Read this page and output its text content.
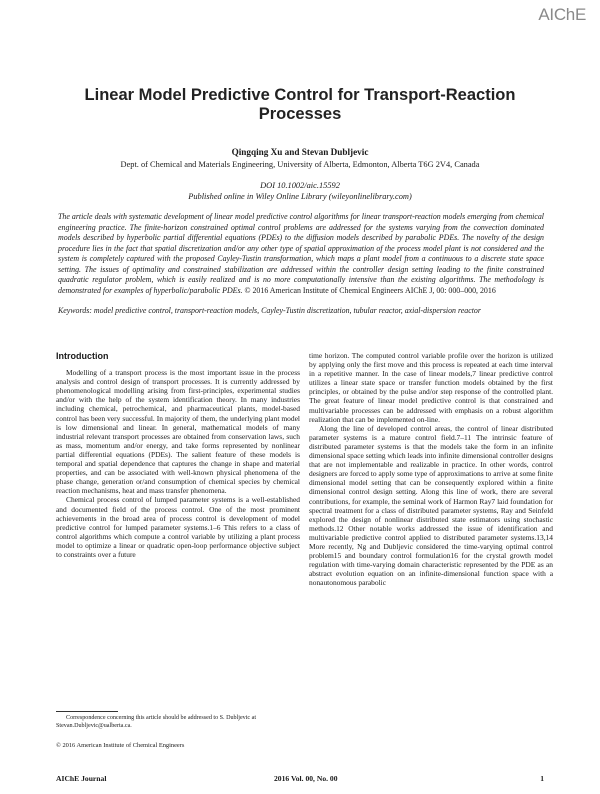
AIChE
Linear Model Predictive Control for Transport-Reaction Processes
Qingqing Xu and Stevan Dubljevic
Dept. of Chemical and Materials Engineering, University of Alberta, Edmonton, Alberta T6G 2V4, Canada
DOI 10.1002/aic.15592
Published online in Wiley Online Library (wileyonlinelibrary.com)
The article deals with systematic development of linear model predictive control algorithms for linear transport-reaction models emerging from chemical engineering practice. The finite-horizon constrained optimal control problems are addressed for the systems varying from the convection dominated models described by hyperbolic partial differential equations (PDEs) to the diffusion models described by parabolic PDEs. The novelty of the design procedure lies in the fact that spatial discretization and/or any other type of spatial approximation of the process model plant is not considered and the system is completely captured with the proposed Cayley-Tustin transformation, which maps a plant model from a continuous to a discrete state space setting. The issues of optimality and constrained stabilization are addressed within the controller design setting leading to the finite constrained quadratic regulator problem, which is easily realized and is no more computationally intensive than the existing algorithms. The methodology is demonstrated for examples of hyperbolic/parabolic PDEs. © 2016 American Institute of Chemical Engineers AIChE J, 00: 000–000, 2016
Keywords: model predictive control, transport-reaction models, Cayley-Tustin discretization, tubular reactor, axial-dispersion reactor
Introduction

Modelling of a transport process is the most important issue in the process analysis and control design of transport processes. It is currently addressed by phenomenological modelling arising from first-principles, experimental studies and/or with the help of the system identification theory. In many industries including chemical, petrochemical, and pharmaceutical plants, model-based control has been very successful. In majority of them, the underlying plant model is low dimensional and linear. In general, mathematical models of many industrial relevant transport processes are obtained from conservation laws, such as mass, momentum and/or energy, and take forms represented by nonlinear partial differential equations (PDEs). The salient feature of these models is temporal and spatial dependence that captures the change in shape and material properties, and can be associated with well-known physical phenomena of the phase change, generation or/and consumption of chemical species by chemical reaction mechanisms, heat and mass transfer phenomena.

Chemical process control of lumped parameter systems is a well-established and documented field of the process control. One of the most prominent achievements in the broad area of process control is development of model predictive control for lumped parameter systems.1–6 This refers to a class of control algorithms which compute a control variable by utilizing a plant process model to optimize a linear or quadratic open-loop performance objective subject to constraints over a future

time horizon. The computed control variable profile over the horizon is utilized by applying only the first move and this process is repeated at each time interval in a repetitive manner. In the case of linear models,7 linear predictive control utilizes a linear state space or transfer function models obtained by the first principles, or obtained by the pulse and/or step response of the controlled plant. The great feature of linear model predictive control is that constrained and multivariable processes can be addressed with emphasis on a robust algorithm realization that can be implemented on-line.

Along the line of developed control areas, the control of linear distributed parameter systems is a mature control field.7–11 The intrinsic feature of distributed parameter systems is that the models take the form in an infinite dimensional space setting which leads into infinite dimensional controller designs that are not implementable and realizable in practice. In other words, control designers are forced to apply some type of approximations to arrive at some finite dimensional model setting that can be consequently explored within a finite dimensional control design setting. Along this line of work, there are several contributions, for example, the seminal work of Harmon Ray7 laid foundation for spectral treatment for a class of distributed parameter systems, Ray and Seinfeld explored the design of nonlinear distributed state estimators using stochastic methods.12 Other notable works addressed the issue of identification and multivariable predictive control applied to distributed parameter systems.13,14 More recently, Ng and Dubljevic considered the time-varying optimal control problem15 and boundary control formulation16 for the crystal growth model regulation with time-varying domain characteristic represented by the PDE as an abstract evolution equation on an infinite-dimensional function space with a nonautonomous parabolic

Correspondence concerning this article should be addressed to S. Dubljevic at Stevan.Dubljevic@ualberta.ca.

© 2016 American Institute of Chemical Engineers
AIChE Journal	2016 Vol. 00, No. 00	1
